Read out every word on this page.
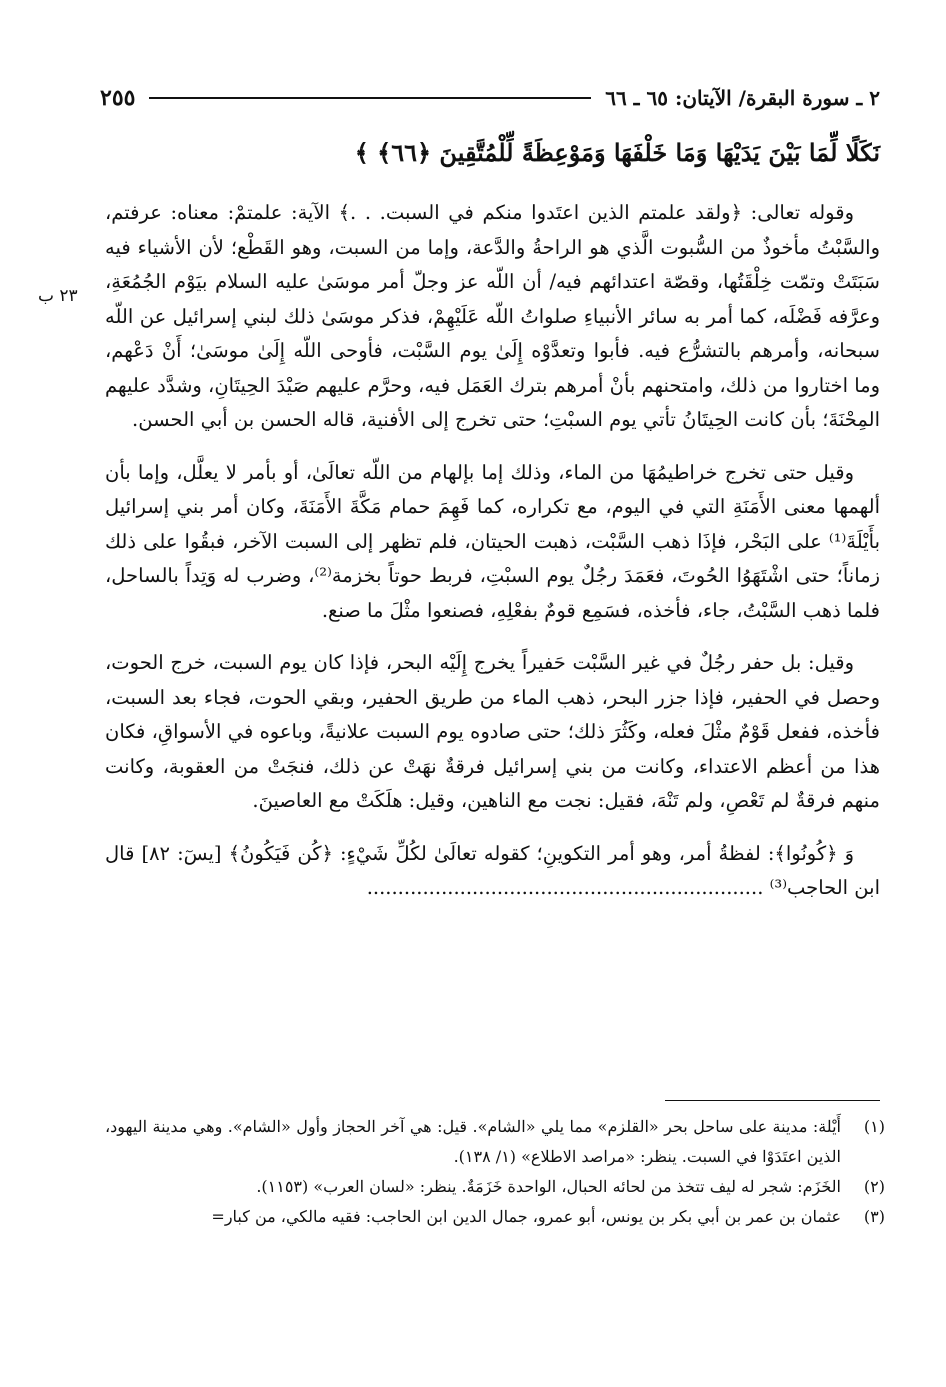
٢ ـ سورة البقرة/ الآيتان: ٦٥ ـ ٦٦
٢٥٥
نَكَلًا لِّمَا بَيْنَ يَدَيْهَا وَمَا خَلْفَهَا وَمَوْعِظَةً لِّلْمُتَّقِينَ ﴿٦٦﴾ ﴾
٢٣ ب

وقوله تعالى: ﴿ولقد علمتم الذين اعتَدوا منكم في السبت. . .﴾ الآية: علمتمْ: معناه: عرفتم، والسَّبْتُ مأخوذٌ من السُّبوت الَّذي هو الراحةُ والدَّعة، وإما من السبت، وهو القَطْع؛ لأن الأشياء فيه سَبَتَتْ وتمّت خِلْقَتُها، وقصّة اعتدائهم فيه/ أن اللّه عز وجلّ أمر موسَىٰ عليه السلام بيَوْم الجُمُعَةِ، وعرَّفه فَضْلَه، كما أمر به سائر الأنبياءِ صلواتُ اللّه عَلَيْهِمْ، فذكر موسَىٰ ذلك لبني إسرائيل عن اللّه سبحانه، وأمرهم بالتشرُّع فيه. فأبوا وتعدَّوْه إِلَىٰ يوم السَّبْت، فأوحى اللّه إِلَىٰ موسَىٰ؛ أَنْ دَعْهم، وما اختاروا من ذلك، وامتحنهم بأنْ أمرهم بترك العَمَل فيه، وحرَّم عليهم صَيْدَ الحِيتَانِ، وشدَّد عليهم المِحْنَةَ؛ بأن كانت الحِيتَانُ تأتي يوم السبْتِ؛ حتى تخرج إلى الأفنية، قاله الحسن بن أبي الحسن.

وقيل حتى تخرج خراطيمُهَا من الماء، وذلك إما بإلهام من اللّه تعالَىٰ، أو بأمر لا يعلَّل، وإما بأن ألهمها معنى الأَمَنَةِ التي في اليوم، مع تكراره، كما فَهِمَ حمام مَكَّةَ الأَمَنَةَ، وكان أمر بني إسرائيل بأَيْلَةَ⁽¹⁾ على البَحْر، فإذَا ذهب السَّبْت، ذهبت الحيتان، فلم تظهر إلى السبت الآخر، فبقُوا على ذلك زماناً؛ حتى اشْتَهَوُا الحُوتَ، فعَمَدَ رجُلٌ يوم السبْتِ، فربط حوتاً بخزمة⁽²⁾، وضرب له وَتِداً بالساحل، فلما ذهب السَّبْتُ، جاء، فأخذه، فسَمِع قومٌ بفعْلِهِ، فصنعوا مثْلَ ما صنع.

وقيل: بل حفر رجُلٌ في غير السَّبْت حَفيراً يخرج إِلَيْه البحر، فإذا كان يوم السبت، خرج الحوت، وحصل في الحفير، فإذا جزر البحر، ذهب الماء من طريق الحفير، وبقي الحوت، فجاء بعد السبت، فأخذه، ففعل قَوْمٌ مثْلَ فعله، وكَثُرَ ذلك؛ حتى صادوه يوم السبت علانيةً، وباعوه في الأسواقِ، فكان هذا من أعظم الاعتداء، وكانت من بني إسرائيل فرقةٌ نهَتْ عن ذلك، فنجَتْ من العقوبة، وكانت منهم فرقةٌ لم تَعْصِ، ولم تَنْهَ، فقيل: نجت مع الناهين، وقيل: هلَكَتْ مع العاصينَ.

وَ ﴿كُونُوا﴾: لفظةُ أمر، وهو أمر التكوينِ؛ كقوله تعالَىٰ لكُلِّ شَيْءٍ: ﴿كُن فَيَكُونُ﴾ [يسٓ: ٨٢] قال ابن الحاجب⁽³⁾ ................................................................

(١)
أَيْلة: مدينة على ساحل بحر «القلزم» مما يلي «الشام». قيل: هي آخر الحجاز وأول «الشام». وهي مدينة اليهود، الذين اعتَدَوْا في السبت. ينظر: «مراصد الاطلاع» (١/ ١٣٨).
(٢)
الخَزَم: شجر له ليف تتخذ من لحائه الحبال، الواحدة خَزَمَةٌ. ينظر: «لسان العرب» (١١٥٣).
(٣)
عثمان بن عمر بن أبي بكر بن يونس، أبو عمرو، جمال الدين ابن الحاجب: فقيه مالكي، من كبار=
